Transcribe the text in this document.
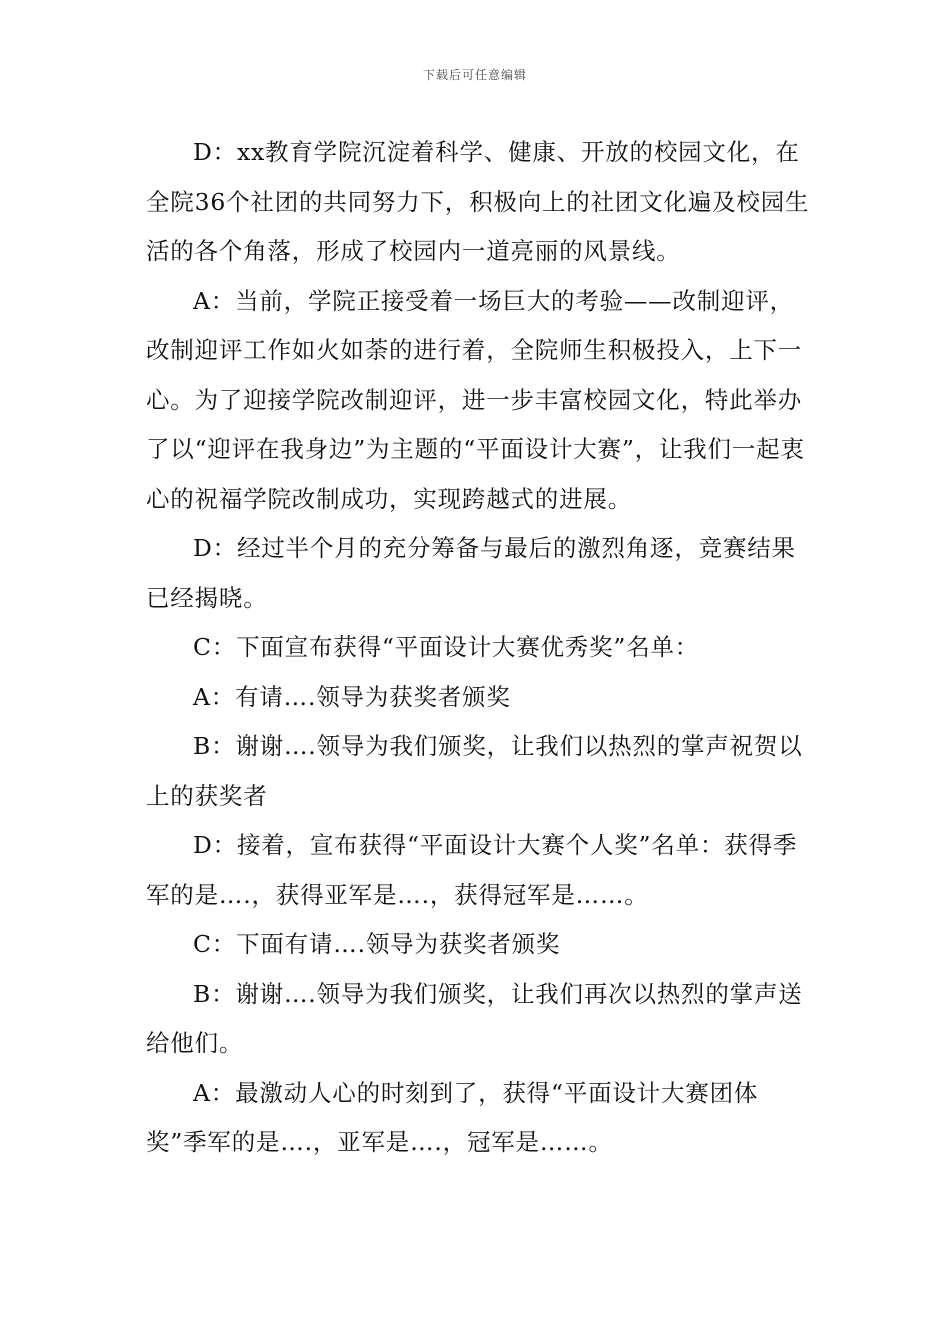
下载后可任意编辑

D：xx教育学院沉淀着科学、健康、开放的校园文化，在全院36个社团的共同努力下，积极向上的社团文化遍及校园生活的各个角落，形成了校园内一道亮丽的风景线。

A：当前，学院正接受着一场巨大的考验——改制迎评，改制迎评工作如火如荼的进行着，全院师生积极投入，上下一心。为了迎接学院改制迎评，进一步丰富校园文化，特此举办了以“迎评在我身边”为主题的“平面设计大赛”，让我们一起衷心的祝福学院改制成功，实现跨越式的进展。

D：经过半个月的充分筹备与最后的激烈角逐，竞赛结果已经揭晓。

C：下面宣布获得“平面设计大赛优秀奖”名单：

A：有请….领导为获奖者颁奖

B：谢谢….领导为我们颁奖，让我们以热烈的掌声祝贺以上的获奖者

D：接着，宣布获得“平面设计大赛个人奖”名单：获得季军的是….，获得亚军是….，获得冠军是……。

C：下面有请….领导为获奖者颁奖

B：谢谢….领导为我们颁奖，让我们再次以热烈的掌声送给他们。

A：最激动人心的时刻到了，获得“平面设计大赛团体奖”季军的是….，亚军是….，冠军是……。
